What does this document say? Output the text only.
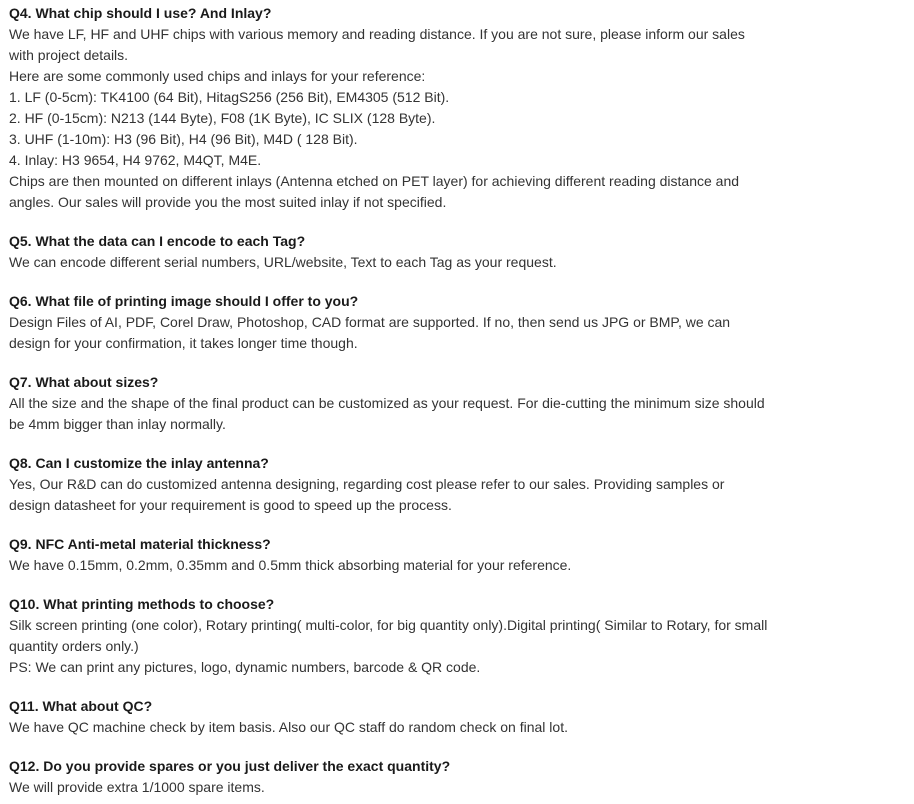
Q4. What chip should I use? And Inlay?

We have LF, HF and UHF chips with various memory and reading distance. If you are not sure, please inform our sales with project details.

Here are some commonly used chips and inlays for your reference:

1. LF (0-5cm): TK4100 (64 Bit), HitagS256 (256 Bit), EM4305 (512 Bit).

2. HF (0-15cm): N213 (144 Byte), F08 (1K Byte), IC SLIX (128 Byte).

3. UHF (1-10m): H3 (96 Bit), H4 (96 Bit), M4D ( 128 Bit).

4. Inlay: H3 9654, H4 9762, M4QT, M4E.

Chips are then mounted on different inlays (Antenna etched on PET layer) for achieving different reading distance and angles. Our sales will provide you the most suited inlay if not specified.

Q5. What the data can I encode to each Tag?

We can encode different serial numbers, URL/website, Text to each Tag as your request.

Q6. What file of printing image should I offer to you?

Design Files of AI, PDF, Corel Draw, Photoshop, CAD format are supported. If no, then send us JPG or BMP, we can design for your confirmation, it takes longer time though.

Q7. What about sizes?

All the size and the shape of the final product can be customized as your request. For die-cutting the minimum size should be 4mm bigger than inlay normally.

Q8. Can I customize the inlay antenna?

Yes, Our R&D can do customized antenna designing, regarding cost please refer to our sales. Providing samples or design datasheet for your requirement is good to speed up the process.

Q9. NFC Anti-metal material thickness?

We have 0.15mm, 0.2mm, 0.35mm and 0.5mm thick absorbing material for your reference.

Q10. What printing methods to choose?

Silk screen printing (one color), Rotary printing( multi-color, for big quantity only).Digital printing( Similar to Rotary, for small quantity orders only.)

PS: We can print any pictures, logo, dynamic numbers, barcode & QR code.

Q11. What about QC?

We have QC machine check by item basis. Also our QC staff do random check on final lot.

Q12. Do you provide spares or you just deliver the exact quantity?

We will provide extra 1/1000 spare items.
